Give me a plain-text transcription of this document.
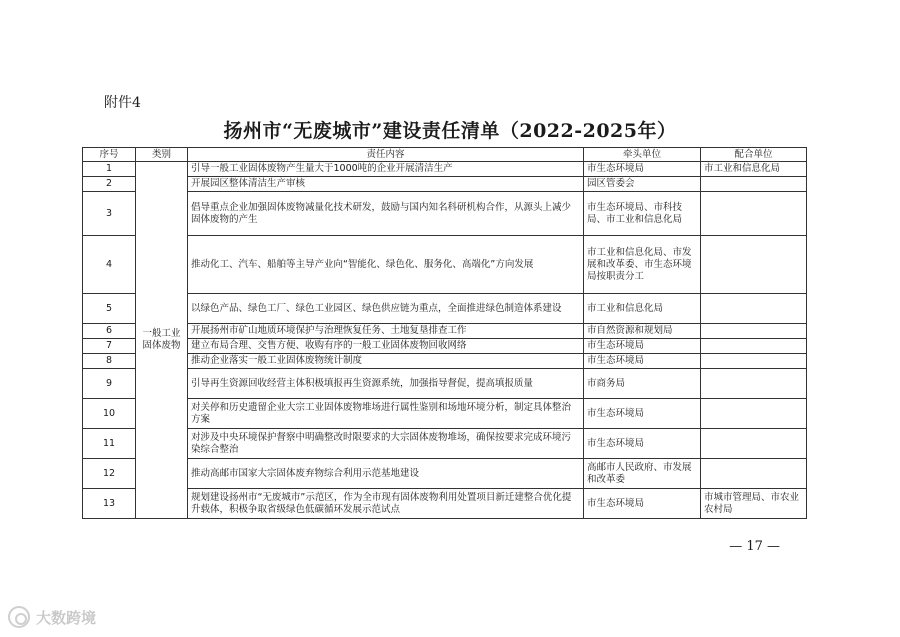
附件4
扬州市“无废城市”建设责任清单（2022-2025年）
序号	类别	责任内容	牵头单位	配合单位
1	一般工业固体废物	引导一般工业固体废物产生量大于1000吨的企业开展清洁生产	市生态环境局	市工业和信息化局
2		开展园区整体清洁生产审核	园区管委会	
3		倡导重点企业加强固体废物减量化技术研发，鼓励与国内知名科研机构合作，从源头上减少固体废物的产生	市生态环境局、市科技局、市工业和信息化局	
4		推动化工、汽车、船舶等主导产业向“智能化、绿色化、服务化、高端化”方向发展	市工业和信息化局、市发展和改革委、市生态环境局按职责分工	
5		以绿色产品、绿色工厂、绿色工业园区、绿色供应链为重点，全面推进绿色制造体系建设	市工业和信息化局	
6		开展扬州市矿山地质环境保护与治理恢复任务、土地复垦排查工作	市自然资源和规划局	
7		建立布局合理、交售方便、收购有序的一般工业固体废物回收网络	市生态环境局	
8		推动企业落实一般工业固体废物统计制度	市生态环境局	
9		引导再生资源回收经营主体积极填报再生资源系统，加强指导督促，提高填报质量	市商务局	
10		对关停和历史遗留企业大宗工业固体废物堆场进行属性鉴别和场地环境分析，制定具体整治方案	市生态环境局	
11		对涉及中央环境保护督察中明确整改时限要求的大宗固体废物堆场，确保按要求完成环境污染综合整治	市生态环境局	
12		推动高邮市国家大宗固体废弃物综合利用示范基地建设	高邮市人民政府、市发展和改革委	
13		规划建设扬州市“无废城市”示范区，作为全市现有固体废物利用处置项目新迁建整合优化提升载体，积极争取省级绿色低碳循环发展示范试点	市生态环境局	市城市管理局、市农业农村局
— 17 —
大数跨境
